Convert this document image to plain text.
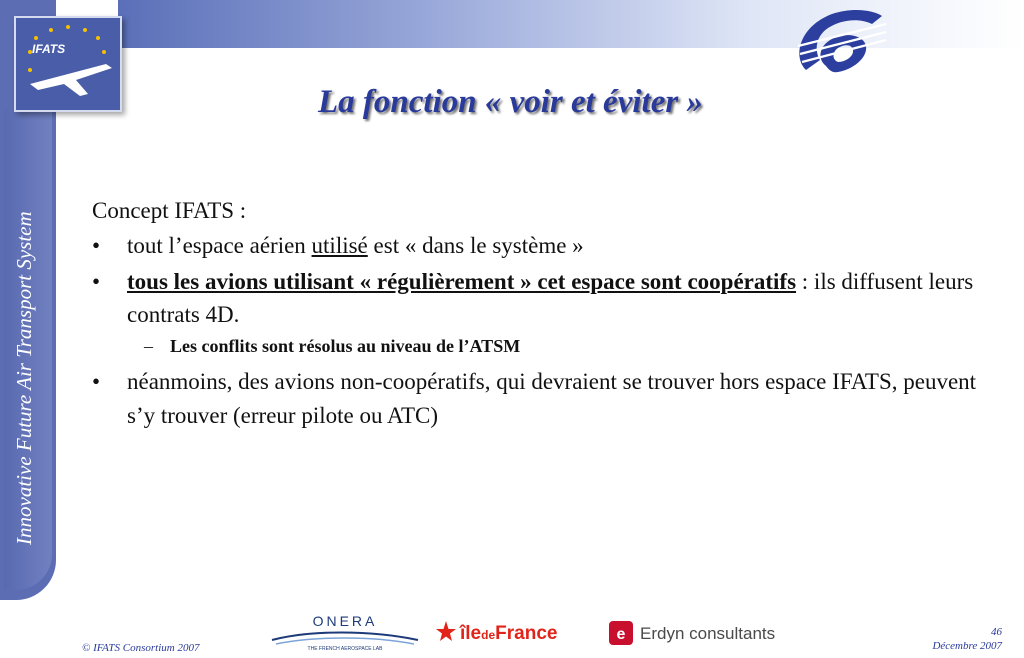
IFATS
Innovative Future Air Transport System
La fonction « voir et éviter »
Concept IFATS :
• tout l’espace aérien utilisé est « dans le système »
• tous les avions utilisant « régulièrement » cet espace sont coopératifs : ils diffusent leurs contrats 4D.
– Les conflits sont résolus au niveau de l’ATSM
• néanmoins, des avions non-coopératifs, qui devraient se trouver hors espace IFATS, peuvent s’y trouver (erreur pilote ou ATC)
ONERA
THE FRENCH AEROSPACE LAB
îledeFrance	e Erdyn consultants
© IFATS Consortium 2007
46
Décembre 2007
